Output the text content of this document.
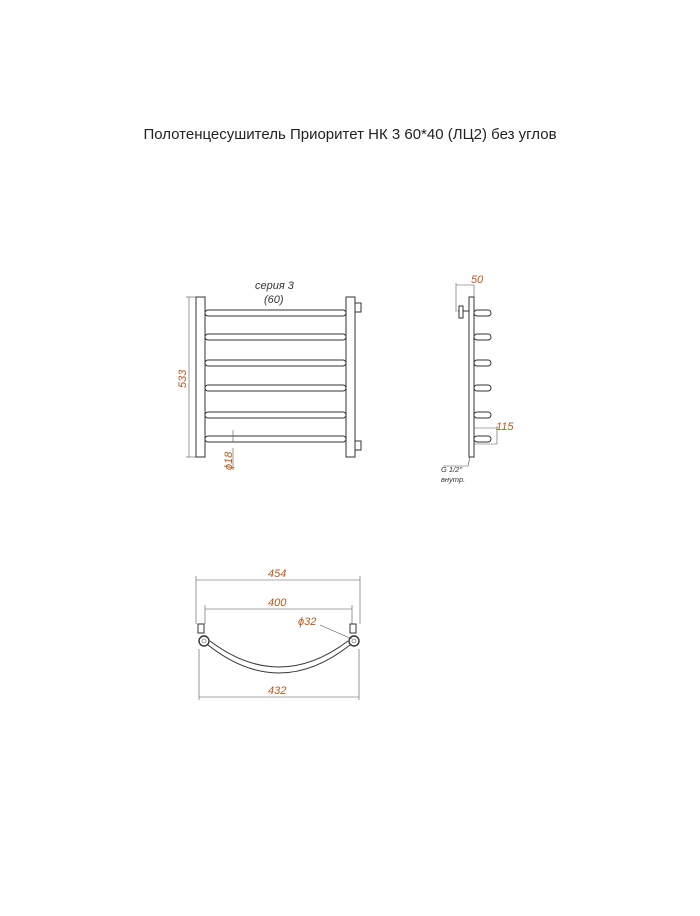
Полотенцесушитель Приоритет НК 3 60*40 (ЛЦ2) без углов
533
ϕ18
серия 3
(60)
50
115
G 1/2"
внутр.
454
400
ϕ32
432
